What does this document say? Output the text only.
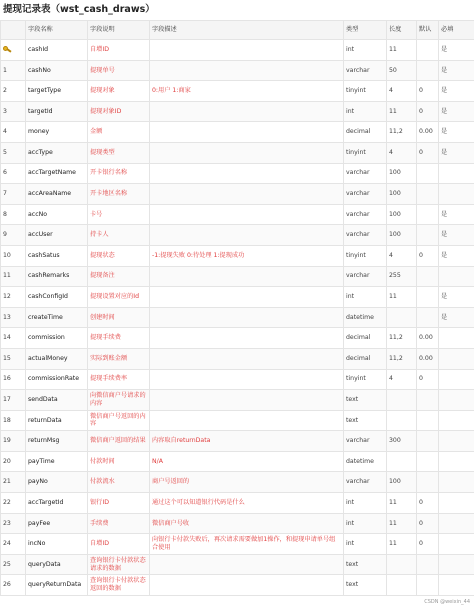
提现记录表（wst_cash_draws）
	字段名称	字段说明	字段描述	类型	长度	默认	必填

	cashId	自增ID		int	11		是
1	cashNo	提现单号		varchar	50		是
2	targetType	提现对象	0:用户 1:商家	tinyint	4	0	是
3	targetId	提现对象ID		int	11	0	是
4	money	金额		decimal	11,2	0.00	是
5	accType	提现类型		tinyint	4	0	是
6	accTargetName	开卡银行名称		varchar	100		
7	accAreaName	开卡地区名称		varchar	100		
8	accNo	卡号		varchar	100		是
9	accUser	持卡人		varchar	100		是
10	cashSatus	提现状态	-1:提现失败 0:待处理 1:提现成功	tinyint	4	0	是
11	cashRemarks	提现备注		varchar	255		
12	cashConfigId	提现设置对应的Id		int	11		是
13	createTime	创建时间		datetime			是
14	commission	提现手续费		decimal	11,2	0.00	
15	actualMoney	实际到账金额		decimal	11,2	0.00	
16	commissionRate	提现手续费率		tinyint	4	0	
17	sendData	向微信商户号请求的内容		text			
18	returnData	微信商户号返回的内容		text			
19	returnMsg	微信商户返回的结果	内容取自returnData	varchar	300		
20	payTime	付款时间	N/A	datetime			
21	payNo	付款流水	商户号返回的	varchar	100		
22	accTargetId	银行ID	通过这个可以知道银行代码是什么	int	11	0	
23	payFee	手续费	微信商户号收	int	11	0	
24	incNo	自增ID	向银行卡付款失败后，再次请求需要做加1操作，和提现申请单号组合使用	int	11	0	
25	queryData	查询银行卡付款状态请求的数据		text			
26	queryReturnData	查询银行卡付款状态返回的数据		text			
CSDN @weixin_44
